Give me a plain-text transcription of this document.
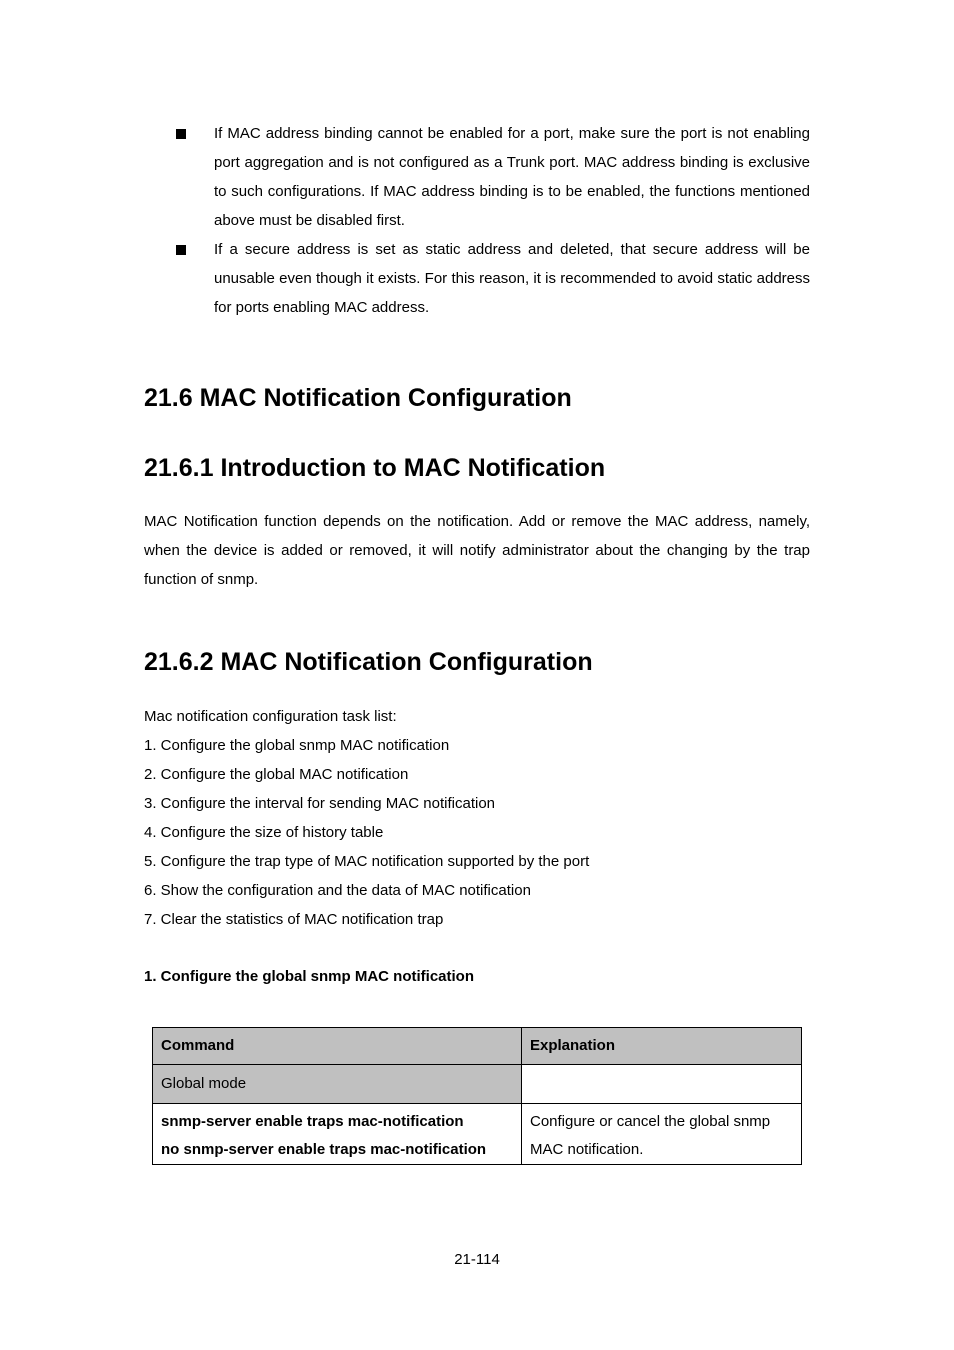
If MAC address binding cannot be enabled for a port, make sure the port is not enabling port aggregation and is not configured as a Trunk port. MAC address binding is exclusive to such configurations. If MAC address binding is to be enabled, the functions mentioned above must be disabled first.
If a secure address is set as static address and deleted, that secure address will be unusable even though it exists. For this reason, it is recommended to avoid static address for ports enabling MAC address.
21.6 MAC Notification Configuration
21.6.1 Introduction to MAC Notification

MAC Notification function depends on the notification. Add or remove the MAC address, namely, when the device is added or removed, it will notify administrator about the changing by the trap function of snmp.

21.6.2 MAC Notification Configuration
Mac notification configuration task list:
1. Configure the global snmp MAC notification
2. Configure the global MAC notification
3. Configure the interval for sending MAC notification
4. Configure the size of history table
5. Configure the trap type of MAC notification supported by the port
6. Show the configuration and the data of MAC notification
7. Clear the statistics of MAC notification trap

1. Configure the global snmp MAC notification

Command	Explanation
Global mode	

snmp-server enable traps mac-notification
no snmp-server enable traps mac-notification	Configure or cancel the global snmp MAC notification.
21-114
